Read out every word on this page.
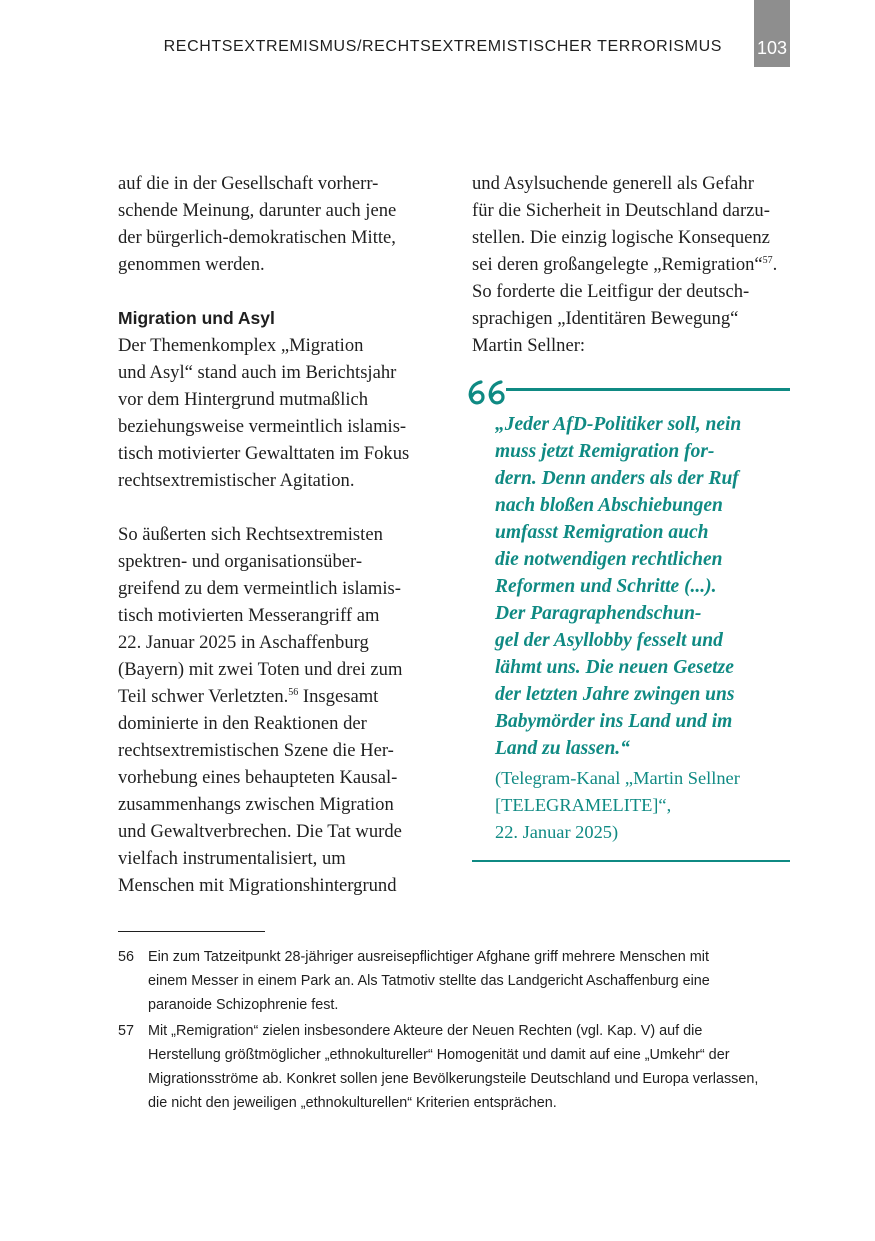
RECHTSEXTREMISMUS/RECHTSEXTREMISTISCHER TERRORISMUS 103

auf die in der Gesellschaft vorherr-
schende Meinung, darunter auch jene
der bürgerlich-demokratischen Mitte,
genommen werden.

Migration und Asyl

Der Themenkomplex „Migration
und Asyl“ stand auch im Berichtsjahr
vor dem Hintergrund mutmaßlich
beziehungsweise vermeintlich islamis-
tisch motivierter Gewalttaten im Fokus
rechtsextremistischer Agitation.

So äußerten sich Rechtsextremisten
spektren- und organisationsüber-
greifend zu dem vermeintlich islamis-
tisch motivierten Messerangriff am
22. Januar 2025 in Aschaffenburg
(Bayern) mit zwei Toten und drei zum
Teil schwer Verletzten.$^{56}$ Insgesamt
dominierte in den Reaktionen der
rechtsextremistischen Szene die Her-
vorhebung eines behaupteten Kausal-
zusammenhangs zwischen Migration
und Gewaltverbrechen. Die Tat wurde
vielfach instrumentalisiert, um
Menschen mit Migrationshintergrund

und Asylsuchende generell als Gefahr
für die Sicherheit in Deutschland darzu-
stellen. Die einzig logische Konsequenz
sei deren großangelegte „Remigration“$^{57}$.
So forderte die Leitfigur der deutsch-
sprachigen „Identitären Bewegung“
Martin Sellner:

„Jeder AfD-Politiker soll, nein
muss jetzt Remigration for-
dern. Denn anders als der Ruf
nach bloßen Abschiebungen
umfasst Remigration auch
die notwendigen rechtlichen
Reformen und Schritte (...).
Der Paragraphendschun-
gel der Asyllobby fesselt und
lähmt uns. Die neuen Gesetze
der letzten Jahre zwingen uns
Babymörder ins Land und im
Land zu lassen.“
(Telegram-Kanal „Martin Sellner
[TELEGRAMELITE]“,
22. Januar 2025)
56 Ein zum Tatzeitpunkt 28-jähriger ausreisepflichtiger Afghane griff mehrere Menschen mit
einem Messer in einem Park an. Als Tatmotiv stellte das Landgericht Aschaffenburg eine
paranoide Schizophrenie fest.
57 Mit „Remigration“ zielen insbesondere Akteure der Neuen Rechten (vgl. Kap. V) auf die
Herstellung größtmöglicher „ethnokultureller“ Homogenität und damit auf eine „Umkehr“ der
Migrationsströme ab. Konkret sollen jene Bevölkerungsteile Deutschland und Europa verlassen,
die nicht den jeweiligen „ethnokulturellen“ Kriterien entsprächen.
